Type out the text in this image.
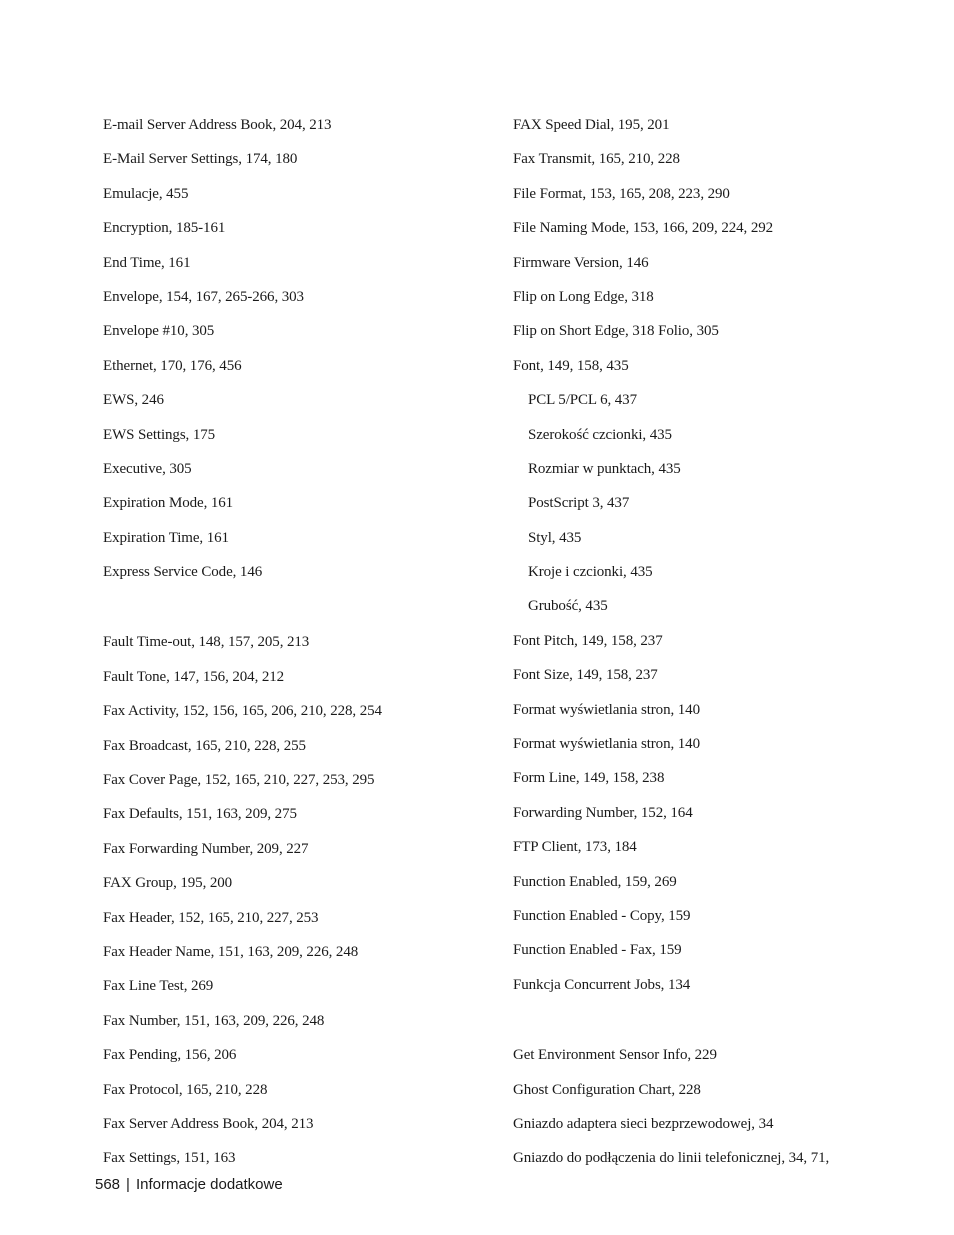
E-mail Server Address Book, 204, 213
E-Mail Server Settings, 174, 180
Emulacje, 455
Encryption, 185-161
End Time, 161
Envelope, 154, 167, 265-266, 303
Envelope #10, 305
Ethernet, 170, 176, 456
EWS, 246
EWS Settings, 175
Executive, 305
Expiration Mode, 161
Expiration Time, 161
Express Service Code, 146
Fault Time-out, 148, 157, 205, 213
Fault Tone, 147, 156, 204, 212
Fax Activity, 152, 156, 165, 206, 210, 228, 254
Fax Broadcast, 165, 210, 228, 255
Fax Cover Page, 152, 165, 210, 227, 253, 295
Fax Defaults, 151, 163, 209, 275
Fax Forwarding Number, 209, 227
FAX Group, 195, 200
Fax Header, 152, 165, 210, 227, 253
Fax Header Name, 151, 163, 209, 226, 248
Fax Line Test, 269
Fax Number, 151, 163, 209, 226, 248
Fax Pending, 156, 206
Fax Protocol, 165, 210, 228
Fax Server Address Book, 204, 213
Fax Settings, 151, 163
FAX Speed Dial, 195, 201
Fax Transmit, 165, 210, 228
File Format, 153, 165, 208, 223, 290
File Naming Mode, 153, 166, 209, 224, 292
Firmware Version, 146
Flip on Long Edge, 318
Flip on Short Edge, 318 Folio, 305
Font, 149, 158, 435
PCL 5/PCL 6, 437
Szerokość czcionki, 435
Rozmiar w punktach, 435
PostScript 3, 437
Styl, 435
Kroje i czcionki, 435
Grubość, 435
Font Pitch, 149, 158, 237
Font Size, 149, 158, 237
Format wyświetlania stron, 140
Format wyświetlania stron, 140
Form Line, 149, 158, 238
Forwarding Number, 152, 164
FTP Client, 173, 184
Function Enabled, 159, 269
Function Enabled - Copy, 159
Function Enabled - Fax, 159
Funkcja Concurrent Jobs, 134
Get Environment Sensor Info, 229
Ghost Configuration Chart, 228
Gniazdo adaptera sieci bezprzewodowej, 34
Gniazdo do podłączenia do linii telefonicznej, 34, 71,
568 | Informacje dodatkowe
